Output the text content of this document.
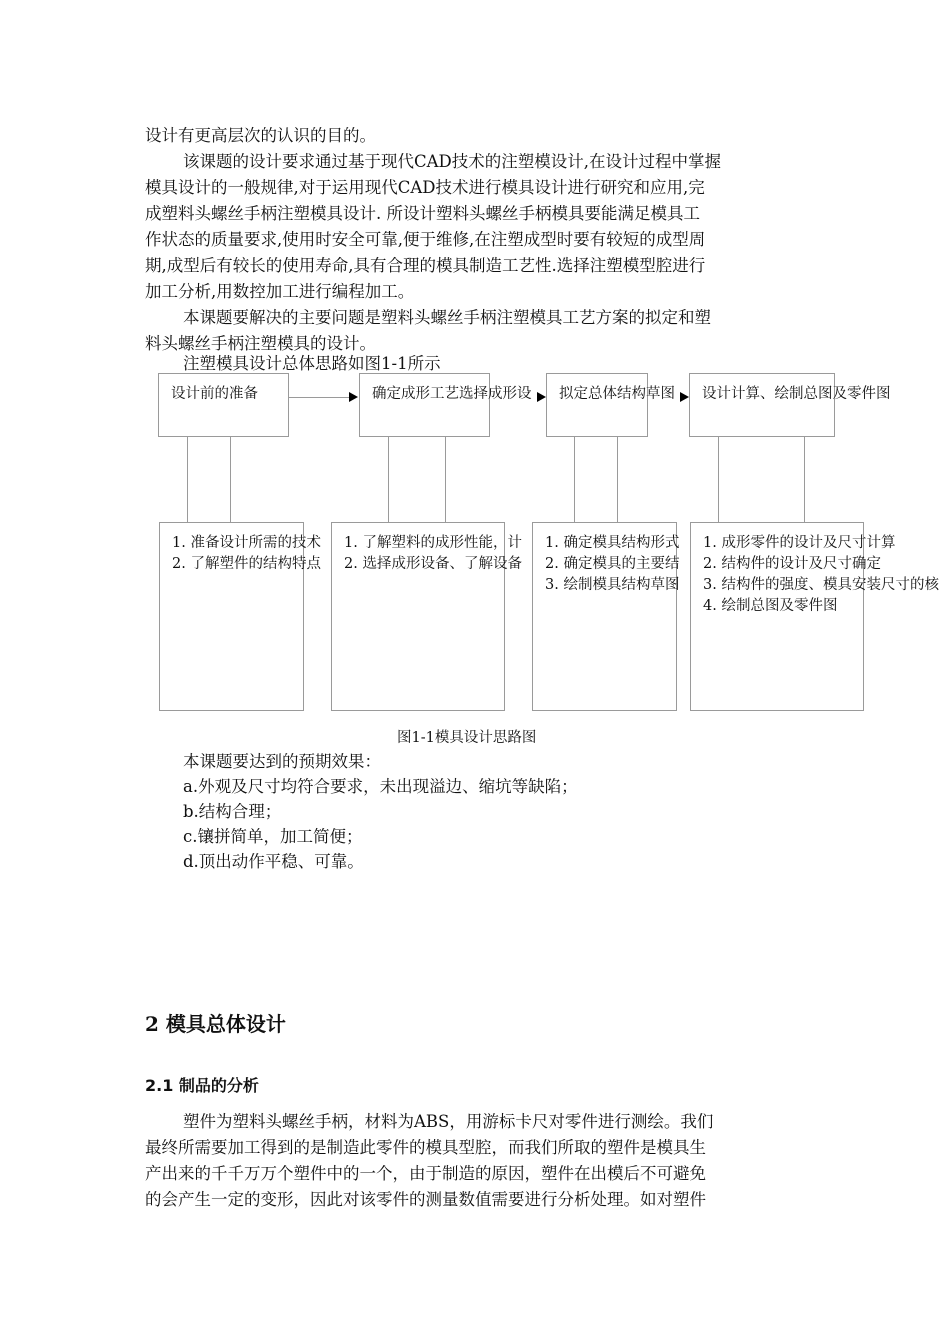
设计有更高层次的认识的目的。
该课题的设计要求通过基于现代CAD技术的注塑模设计,在设计过程中掌握
模具设计的一般规律,对于运用现代CAD技术进行模具设计进行研究和应用,完
成塑料头螺丝手柄注塑模具设计. 所设计塑料头螺丝手柄模具要能满足模具工
作状态的质量要求,使用时安全可靠,便于维修,在注塑成型时要有较短的成型周
期,成型后有较长的使用寿命,具有合理的模具制造工艺性.选择注塑模型腔进行
加工分析,用数控加工进行编程加工。
本课题要解决的主要问题是塑料头螺丝手柄注塑模具工艺方案的拟定和塑
料头螺丝手柄注塑模具的设计。
注塑模具设计总体思路如图1-1所示
设计前的准备	确定成形工艺选择成形设 拟定总体结构草图 设计计算、绘制总图及零件图
1. 准备设计所需的技术
2. 了解塑件的结构特点
1. 了解塑料的成形性能，计
2. 选择成形设备、了解设备
1. 确定模具结构形式
2. 确定模具的主要结
3. 绘制模具结构草图
1. 成形零件的设计及尺寸计算
2. 结构件的设计及尺寸确定
3. 结构件的强度、模具安装尺寸的核
4. 绘制总图及零件图
图1-1模具设计思路图
本课题要达到的预期效果：
a.外观及尺寸均符合要求，未出现溢边、缩坑等缺陷；
b.结构合理；
c.镶拼简单，加工简便；
d.顶出动作平稳、可靠。
2 模具总体设计
2.1 制品的分析
塑件为塑料头螺丝手柄，材料为ABS，用游标卡尺对零件进行测绘。我们
最终所需要加工得到的是制造此零件的模具型腔，而我们所取的塑件是模具生
产出来的千千万万个塑件中的一个，由于制造的原因，塑件在出模后不可避免
的会产生一定的变形，因此对该零件的测量数值需要进行分析处理。如对塑件
